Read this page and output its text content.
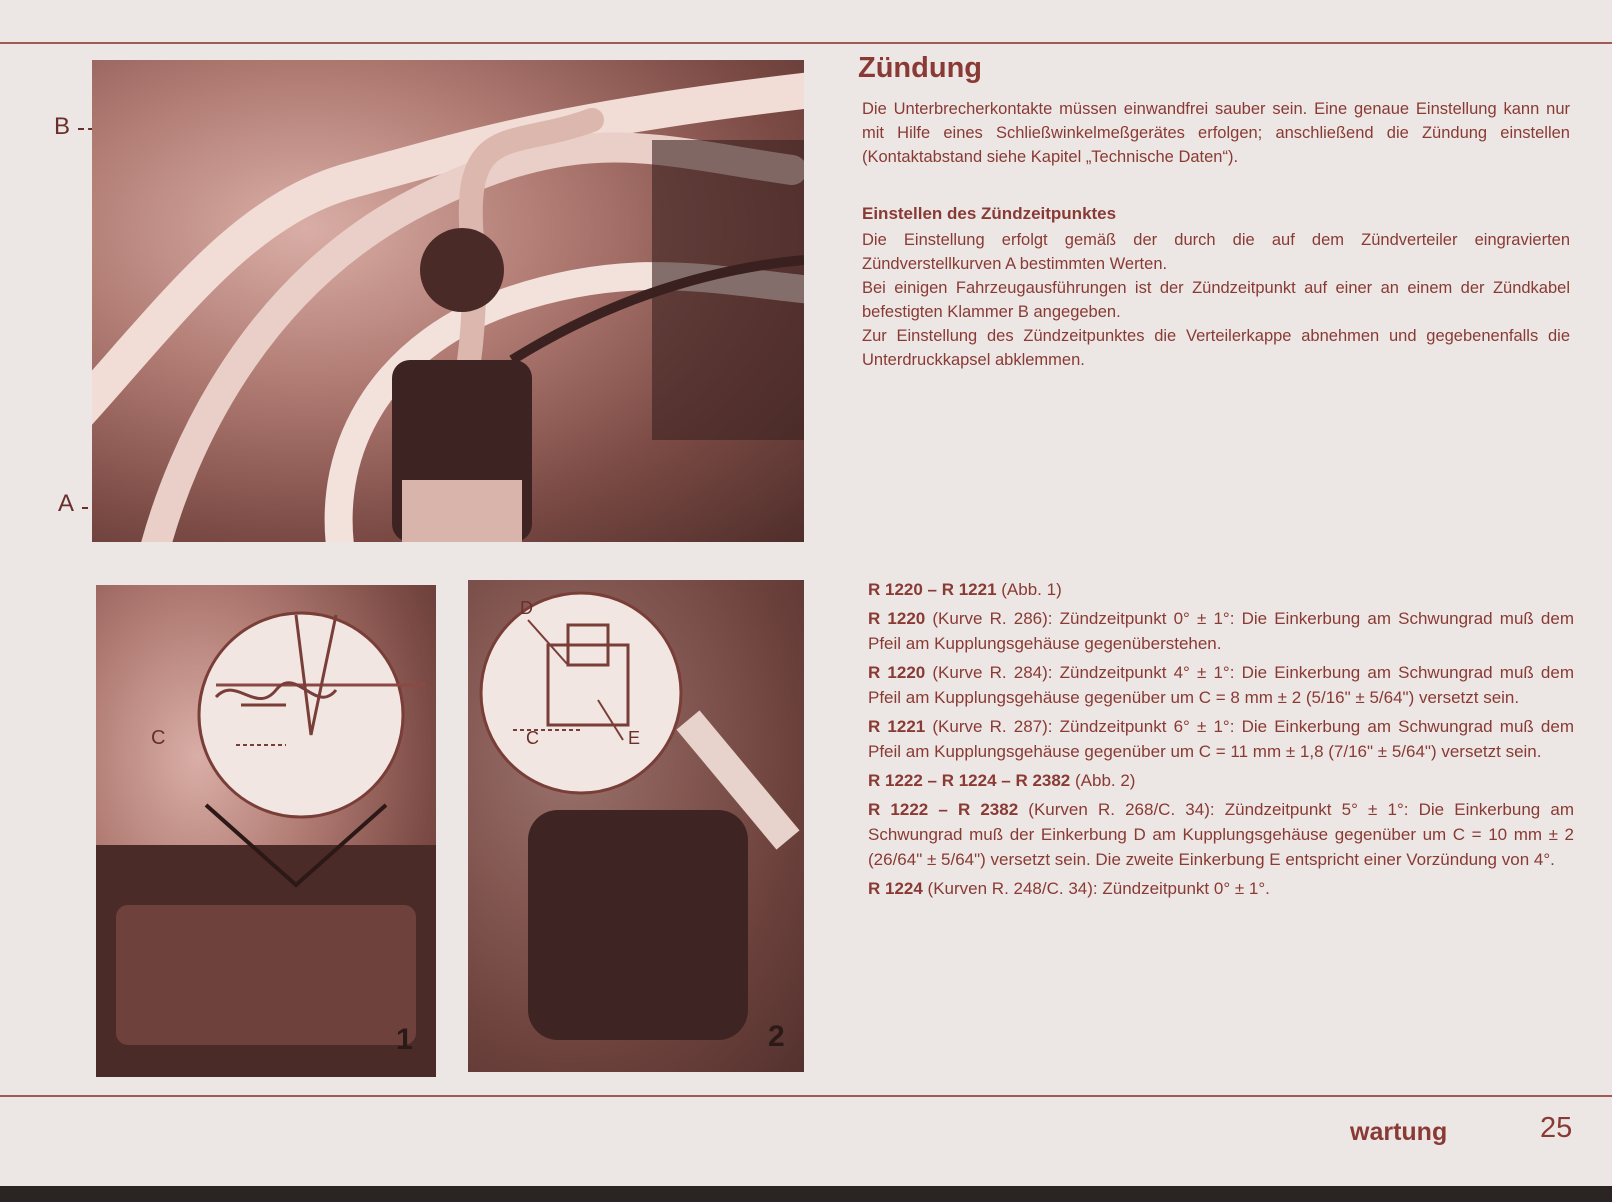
B
A
C
1
D
C	E
2
Zündung

Die Unterbrecherkontakte müssen einwandfrei sauber sein. Eine genaue Einstellung kann nur mit Hilfe eines Schließwinkelmeßgerätes erfolgen; anschließend die Zündung einstellen (Kontaktabstand siehe Kapitel „Technische Daten“).

Einstellen des Zündzeitpunktes

Die Einstellung erfolgt gemäß der durch die auf dem Zündverteiler eingravierten Zündverstellkurven A bestimmten Werten.
Bei einigen Fahrzeugausführungen ist der Zündzeitpunkt auf einer an einem der Zündkabel befestigten Klammer B angegeben.
Zur Einstellung des Zündzeitpunktes die Verteilerkappe abnehmen und gegebenenfalls die Unterdruckkapsel abklemmen.

R 1220 – R 1221 (Abb. 1)

R 1220 (Kurve R. 286): Zündzeitpunkt 0° ± 1°: Die Einkerbung am Schwungrad muß dem Pfeil am Kupplungsgehäuse gegenüberstehen.

R 1220 (Kurve R. 284): Zündzeitpunkt 4° ± 1°: Die Einkerbung am Schwungrad muß dem Pfeil am Kupplungsgehäuse gegenüber um C = 8 mm ± 2 (5/16" ± 5/64") versetzt sein.

R 1221 (Kurve R. 287): Zündzeitpunkt 6° ± 1°: Die Einkerbung am Schwungrad muß dem Pfeil am Kupplungsgehäuse gegenüber um C = 11 mm ± 1,8 (7/16" ± 5/64") versetzt sein.

R 1222 – R 1224 – R 2382 (Abb. 2)

R 1222 – R 2382 (Kurven R. 268/C. 34): Zündzeitpunkt 5° ± 1°: Die Einkerbung am Schwungrad muß der Einkerbung D am Kupplungsgehäuse gegenüber um C = 10 mm ± 2 (26/64" ± 5/64") versetzt sein. Die zweite Einkerbung E entspricht einer Vorzündung von 4°.

R 1224 (Kurven R. 248/C. 34): Zündzeitpunkt 0° ± 1°.

wartung	25
